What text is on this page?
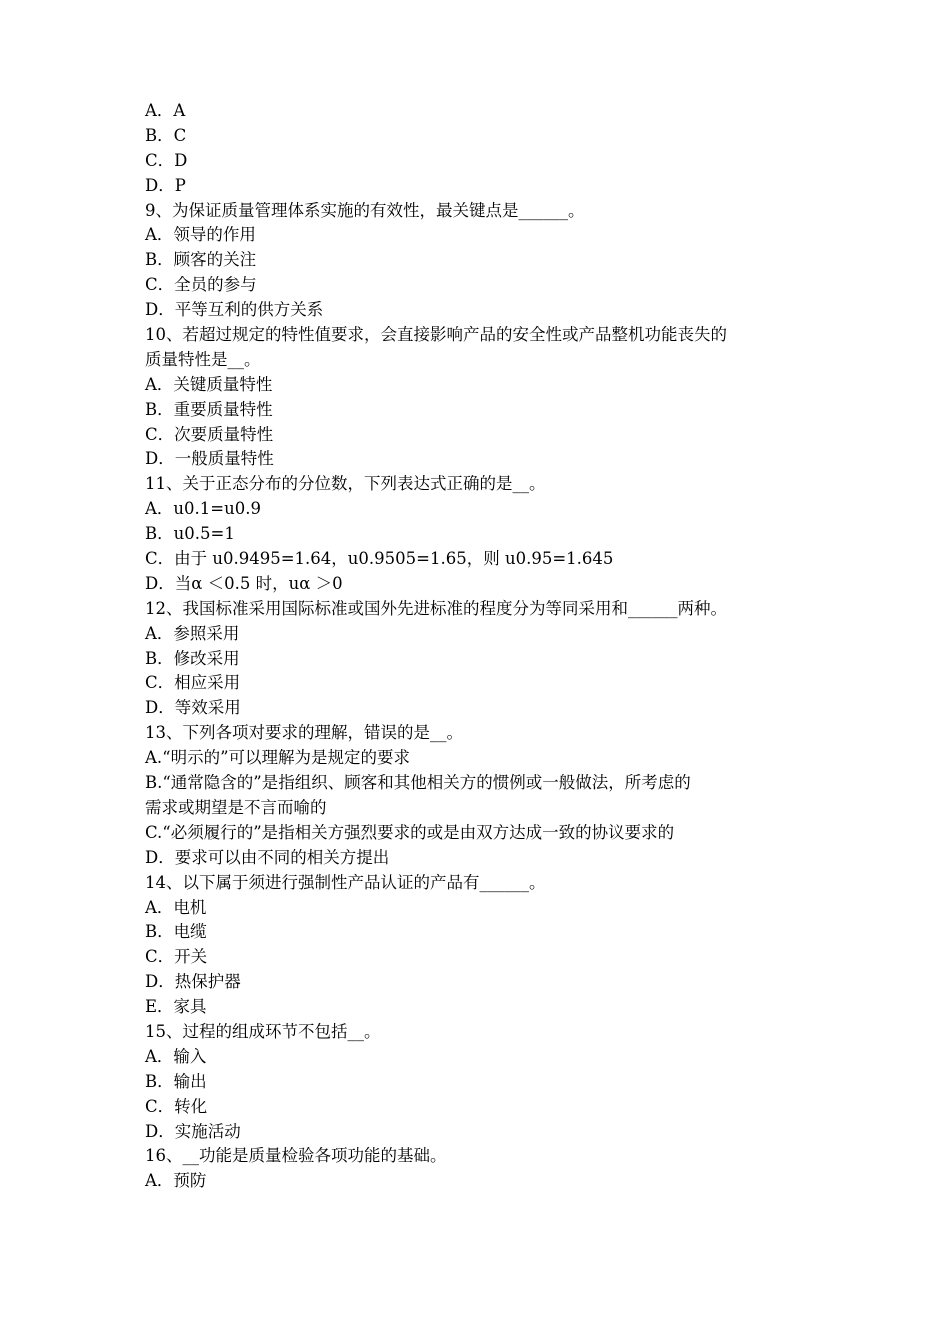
A．A
B．C
C．D
D．P
9、为保证质量管理体系实施的有效性，最关键点是______。
A．领导的作用
B．顾客的关注
C．全员的参与
D．平等互利的供方关系
10、若超过规定的特性值要求，会直接影响产品的安全性或产品整机功能丧失的
质量特性是__。
A．关键质量特性
B．重要质量特性
C．次要质量特性
D．一般质量特性
11、关于正态分布的分位数，下列表达式正确的是__。
A．u0.1=u0.9
B．u0.5=1
C．由于 u0.9495=1.64，u0.9505=1.65，则 u0.95=1.645
D．当α ＜0.5 时，uα ＞0
12、我国标准采用国际标准或国外先进标准的程度分为等同采用和______两种。
A．参照采用
B．修改采用
C．相应采用
D．等效采用
13、下列各项对要求的理解，错误的是__。
A.“明示的”可以理解为是规定的要求
B.“通常隐含的”是指组织、顾客和其他相关方的惯例或一般做法，所考虑的
需求或期望是不言而喻的
C.“必须履行的”是指相关方强烈要求的或是由双方达成一致的协议要求的
D．要求可以由不同的相关方提出
14、以下属于须进行强制性产品认证的产品有______。
A．电机
B．电缆
C．开关
D．热保护器
E．家具
15、过程的组成环节不包括__。
A．输入
B．输出
C．转化
D．实施活动
16、__功能是质量检验各项功能的基础。
A．预防
